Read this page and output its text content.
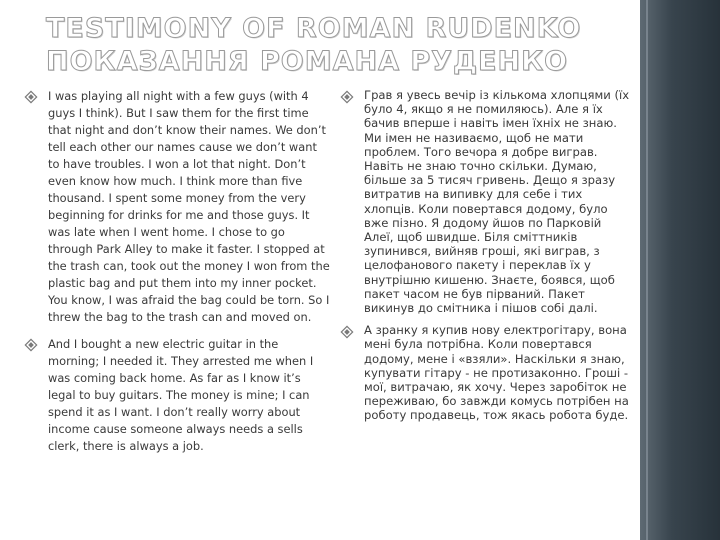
TESTIMONY OF ROMAN RUDENKO
ПОКАЗАННЯ РОМАНА РУДЕНКО
I was playing all night with a few guys (with 4 guys I think). But I saw them for the first time that night and don’t know their names. We don’t tell each other our names cause we don’t want to have troubles. I won a lot that night. Don’t even know how much. I think more than five thousand. I spent some money from the very beginning for drinks for me and those guys. It was late when I went home. I chose to go through Park Alley to make it faster. I stopped at the trash can, took out the money I won from the plastic bag and put them into my inner pocket. You know, I was afraid the bag could be torn. So I threw the bag to the trash can and moved on.
And I bought a new electric guitar in the morning; I needed it. They arrested me when I was coming back home. As far as I know it’s legal to buy guitars. The money is mine; I can spend it as I want. I don’t really worry about income cause someone always needs a sells clerk, there is always a job.
Грав я увесь вечір із кількома хлопцями (їх було 4, якщо я не помиляюсь). Але я їх бачив вперше і навіть імен їхніх не знаю. Ми імен не називаємо, щоб не мати проблем. Того вечора я добре виграв. Навіть не знаю точно скільки. Думаю, більше за 5 тисяч гривень. Дещо я зразу витратив на випивку для себе і тих хлопців. Коли повертався додому, було вже пізно. Я додому йшов по Парковій Алеї, щоб швидше. Біля сміттників зупинився, вийняв гроші, які виграв, з целофанового пакету і переклав їх у внутрішню кишеню. Знаєте, боявся, щоб пакет часом не був пірваний. Пакет викинув до смітника і пішов собі далі.
А зранку я купив нову електрогітару, вона мені була потрібна. Коли повертався додому, мене і «взяли». Наскільки я знаю, купувати гітару - не протизаконно. Гроші - мої, витрачаю, як хочу. Через заробіток не переживаю, бо завжди комусь потрібен на роботу продавець, тож якась робота буде.
